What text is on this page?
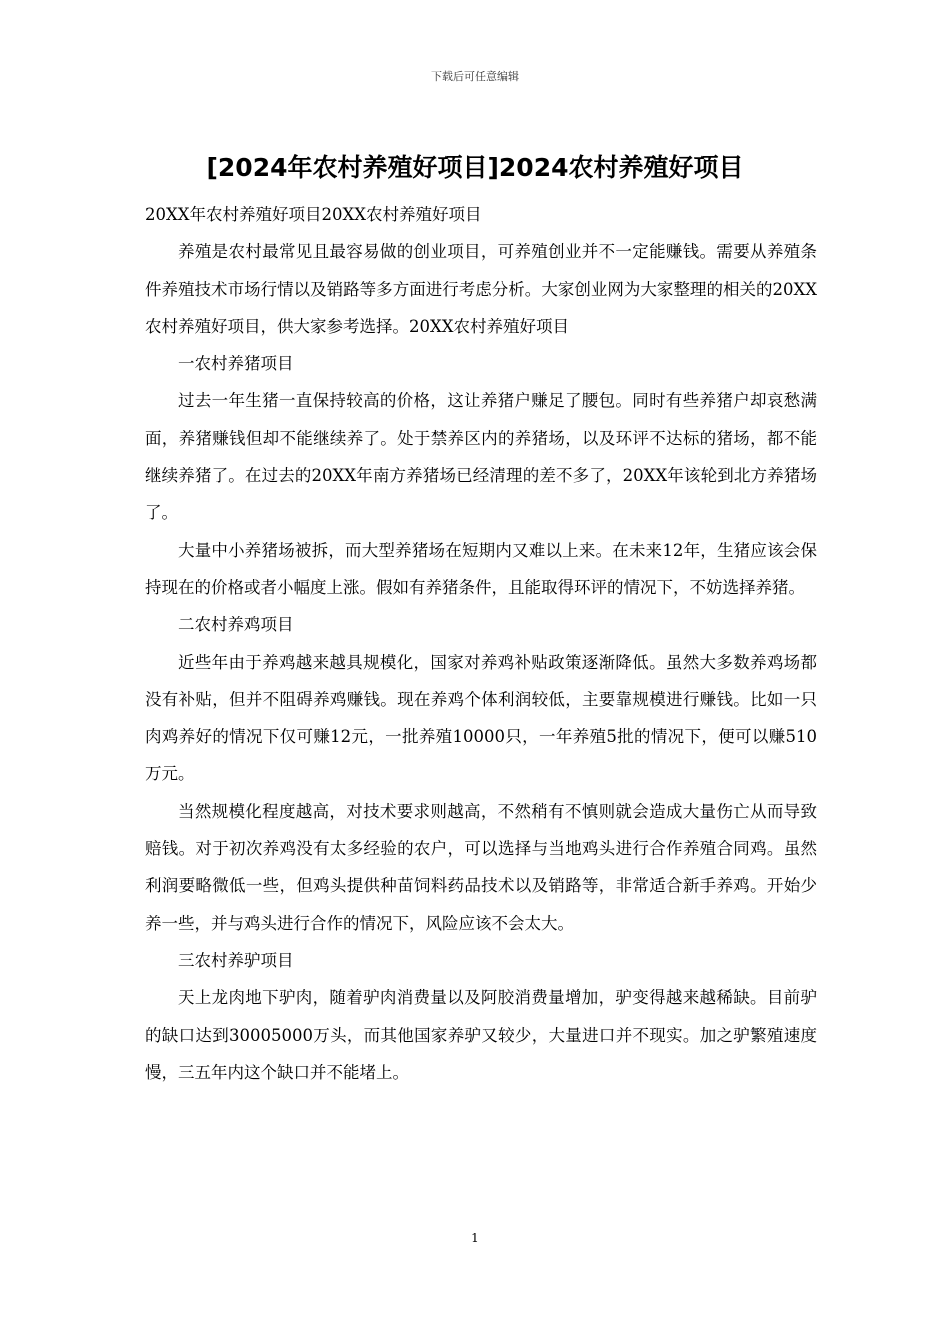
下载后可任意编辑
[2024年农村养殖好项目]2024农村养殖好项目

20XX年农村养殖好项目20XX农村养殖好项目

养殖是农村最常见且最容易做的创业项目，可养殖创业并不一定能赚钱。需要从养殖条件养殖技术市场行情以及销路等多方面进行考虑分析。大家创业网为大家整理的相关的20XX农村养殖好项目，供大家参考选择。20XX农村养殖好项目

一农村养猪项目

过去一年生猪一直保持较高的价格，这让养猪户赚足了腰包。同时有些养猪户却哀愁满面，养猪赚钱但却不能继续养了。处于禁养区内的养猪场，以及环评不达标的猪场，都不能继续养猪了。在过去的20XX年南方养猪场已经清理的差不多了，20XX年该轮到北方养猪场了。

大量中小养猪场被拆，而大型养猪场在短期内又难以上来。在未来12年，生猪应该会保持现在的价格或者小幅度上涨。假如有养猪条件，且能取得环评的情况下，不妨选择养猪。

二农村养鸡项目

近些年由于养鸡越来越具规模化，国家对养鸡补贴政策逐渐降低。虽然大多数养鸡场都没有补贴，但并不阻碍养鸡赚钱。现在养鸡个体利润较低，主要靠规模进行赚钱。比如一只肉鸡养好的情况下仅可赚12元，一批养殖10000只，一年养殖5批的情况下，便可以赚510万元。

当然规模化程度越高，对技术要求则越高，不然稍有不慎则就会造成大量伤亡从而导致赔钱。对于初次养鸡没有太多经验的农户，可以选择与当地鸡头进行合作养殖合同鸡。虽然利润要略微低一些，但鸡头提供种苗饲料药品技术以及销路等，非常适合新手养鸡。开始少养一些，并与鸡头进行合作的情况下，风险应该不会太大。

三农村养驴项目

天上龙肉地下驴肉，随着驴肉消费量以及阿胶消费量增加，驴变得越来越稀缺。目前驴的缺口达到30005000万头，而其他国家养驴又较少，大量进口并不现实。加之驴繁殖速度慢，三五年内这个缺口并不能堵上。

1
